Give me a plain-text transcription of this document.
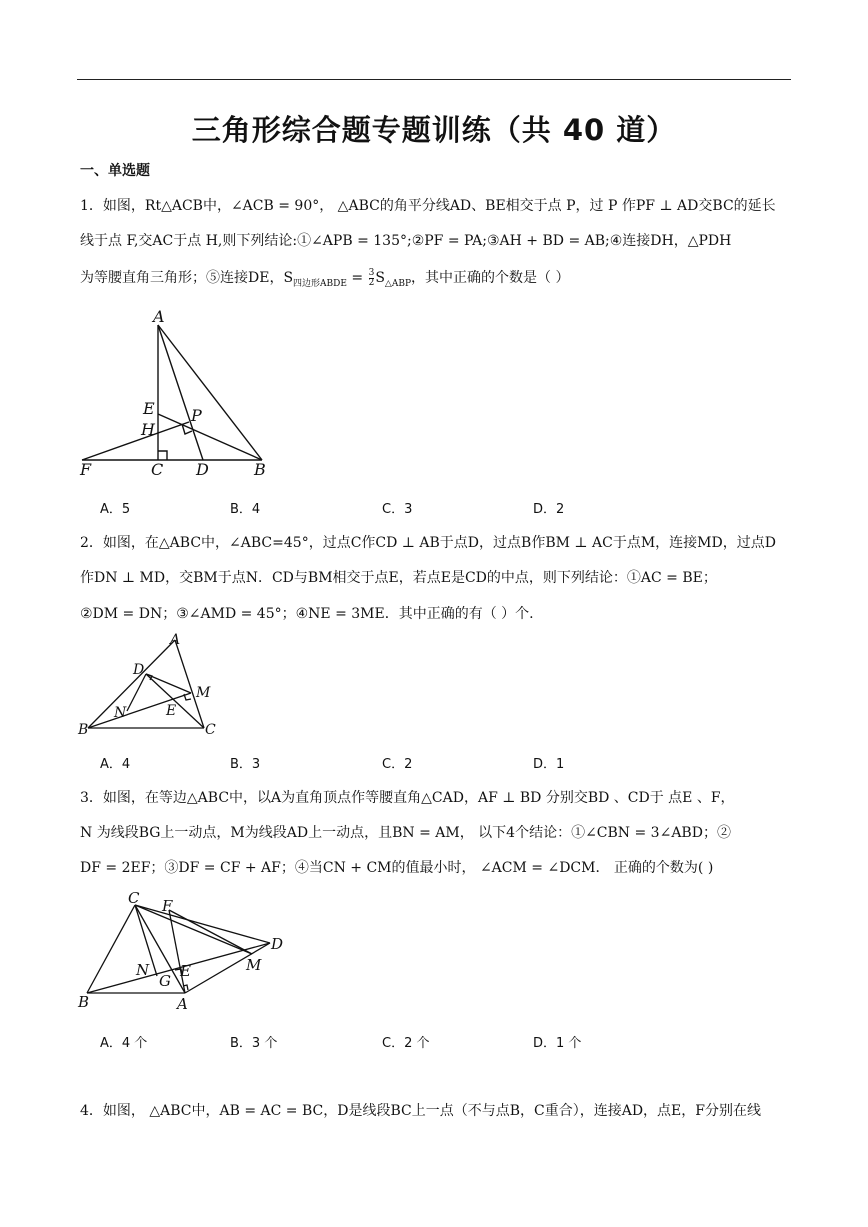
三角形综合题专题训练（共 40 道）
一、单选题
1．如图，Rt△ACB中，∠ACB = 90°， △ABC的角平分线AD、BE相交于点 P，过 P 作PF ⊥ AD交BC的延长
线于点 F,交AC于点 H,则下列结论:①∠APB = 135°;②PF = PA;③AH + BD = AB;④连接DH，△PDH
为等腰直角三角形；⑤连接DE，$S_{四边形ABDE} = \frac{3}{2} S_{\triangle ABP}$，其中正确的个数是（ ）
A
E P
H
F	C D	B
A．5	B．4	C．3	D．2
2．如图，在△ABC中，∠ABC=45°，过点C作CD ⊥ AB于点D，过点B作BM ⊥ AC于点M，连接MD，过点D
作DN ⊥ MD，交BM于点N．CD与BM相交于点E，若点E是CD的中点，则下列结论：①AC = BE；
②DM = DN；③∠AMD = 45°；④NE = 3ME．其中正确的有（ ）个.
A
D
M
N	E
B	C
A．4	B．3	C．2	D．1
3．如图，在等边△ABC中，以A为直角顶点作等腰直角△CAD，AF ⊥ BD 分别交BD 、CD于 点E 、F，
N 为线段BG上一动点，M为线段AD上一动点，且BN = AM， 以下4个结论：①∠CBN = 3∠ABD；②
DF = 2EF；③DF = CF + AF；④当CN + CM的值最小时， ∠ACM = ∠DCM． 正确的个数为( )
C F
D
M
N E
G
B	A
A．4 个	B．3 个	C．2 个	D．1 个
4．如图， △ABC中，AB = AC = BC，D是线段BC上一点（不与点B，C重合），连接AD，点E，F分别在线
